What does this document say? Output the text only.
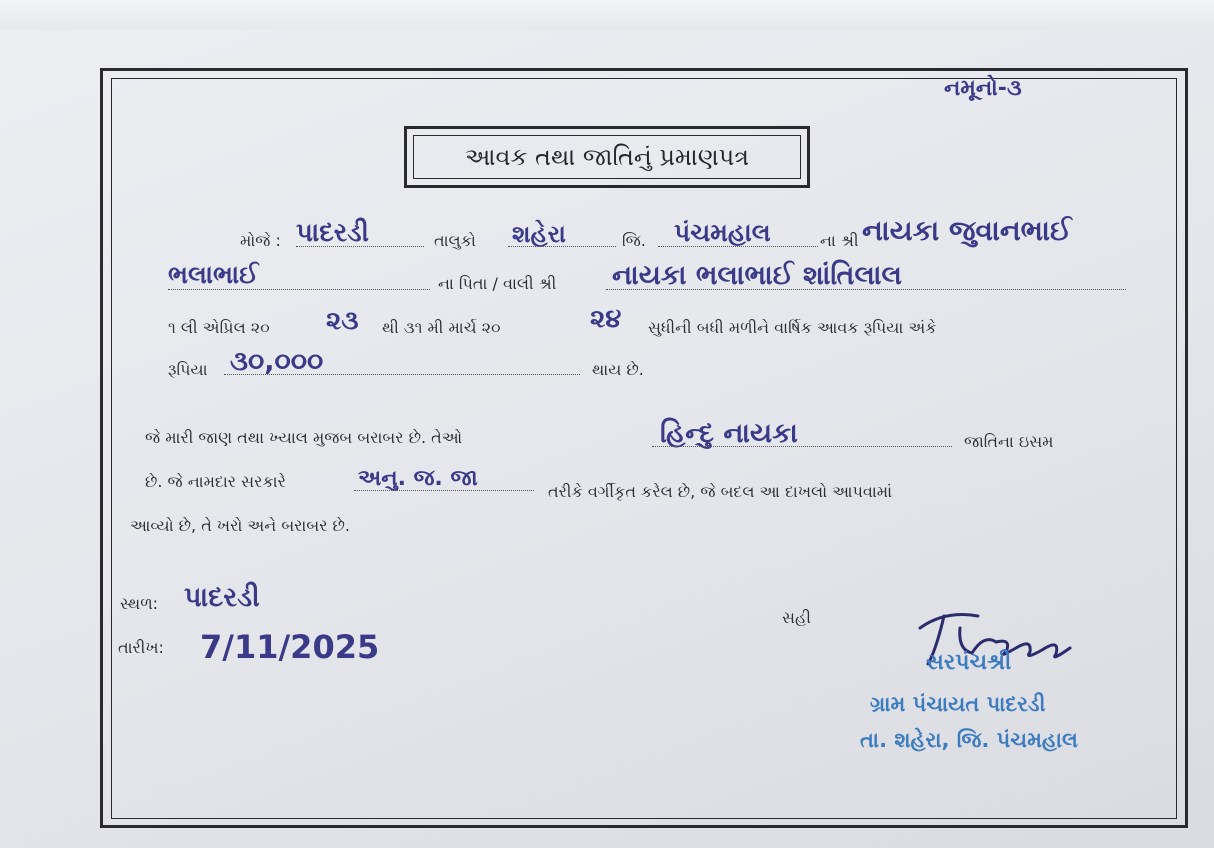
નમૂનો-૩
આવક તથા જાતિનું પ્રમાણપત્ર
મોજે : પાદરડી	તાલુકો શહેરા	જિ. પંચમહાલ	ના શ્રી નાયકા જુવાનભાઈ
ભલાભાઈ	ના પિતા / વાલી શ્રી નાયકા ભલાભાઈ શાંતિલાલ
૧ લી એપ્રિલ ૨૦ ૨૩ થી ૩૧ મી માર્ચ ૨૦	૨૪ સુધીની બધી મળીને વાર્ષિક આવક રૂપિયા અંકે
રૂપિયા ૩૦,૦૦૦	થાય છે.
જે મારી જાણ તથા ખ્યાલ મુજબ બરાબર છે. તેઓ	હિન્દુ નાયકા	જાતિના ઇસમ
છે. જે નામદાર સરકારે	અનુ. જ. જા
તરીકે વર્ગીકૃત કરેલ છે, જે બદલ આ દાખલો આપવામાં
આવ્યો છે, તે ખરો અને બરાબર છે.
સ્થળ: પાદરડી
તારીખ: 7/11/2025
સહી
સરપંચશ્રી
ગ્રામ પંચાયત પાદરડી
તા. શહેરા, જિ. પંચમહાલ
